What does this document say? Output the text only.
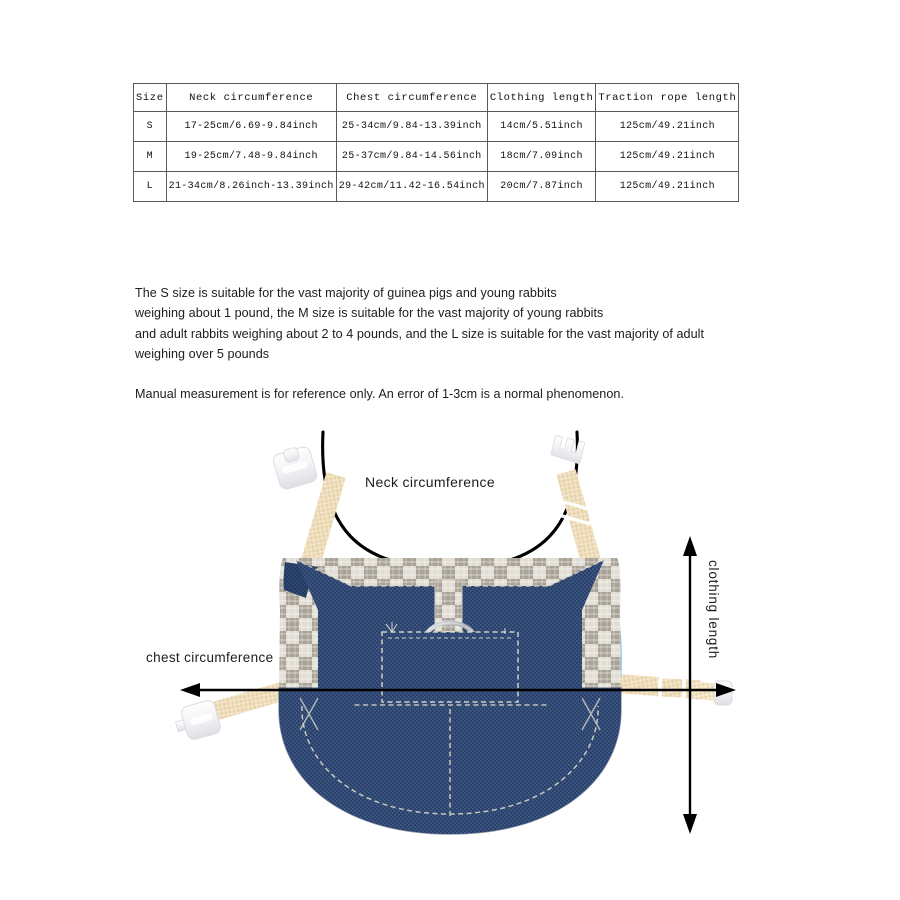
Size	Neck circumference	Chest circumference	Clothing length	Traction rope length
S	17-25cm/6.69-9.84inch	25-34cm/9.84-13.39inch	14cm/5.51inch	125cm/49.21inch

M	19-25cm/7.48-9.84inch	25-37cm/9.84-14.56inch	18cm/7.09inch	125cm/49.21inch
L	21-34cm/8.26inch-13.39inch	29-42cm/11.42-16.54inch	20cm/7.87inch	125cm/49.21inch

The S size is suitable for the vast majority of guinea pigs and young rabbits

weighing about 1 pound, the M size is suitable for the vast majority of young rabbits

and adult rabbits weighing about 2 to 4 pounds, and the L size is suitable for the vast majority of adult

weighing over 5 pounds

Manual measurement is for reference only. An error of 1-3cm is a normal phenomenon.

Neck circumference
chest circumference	clothing length
